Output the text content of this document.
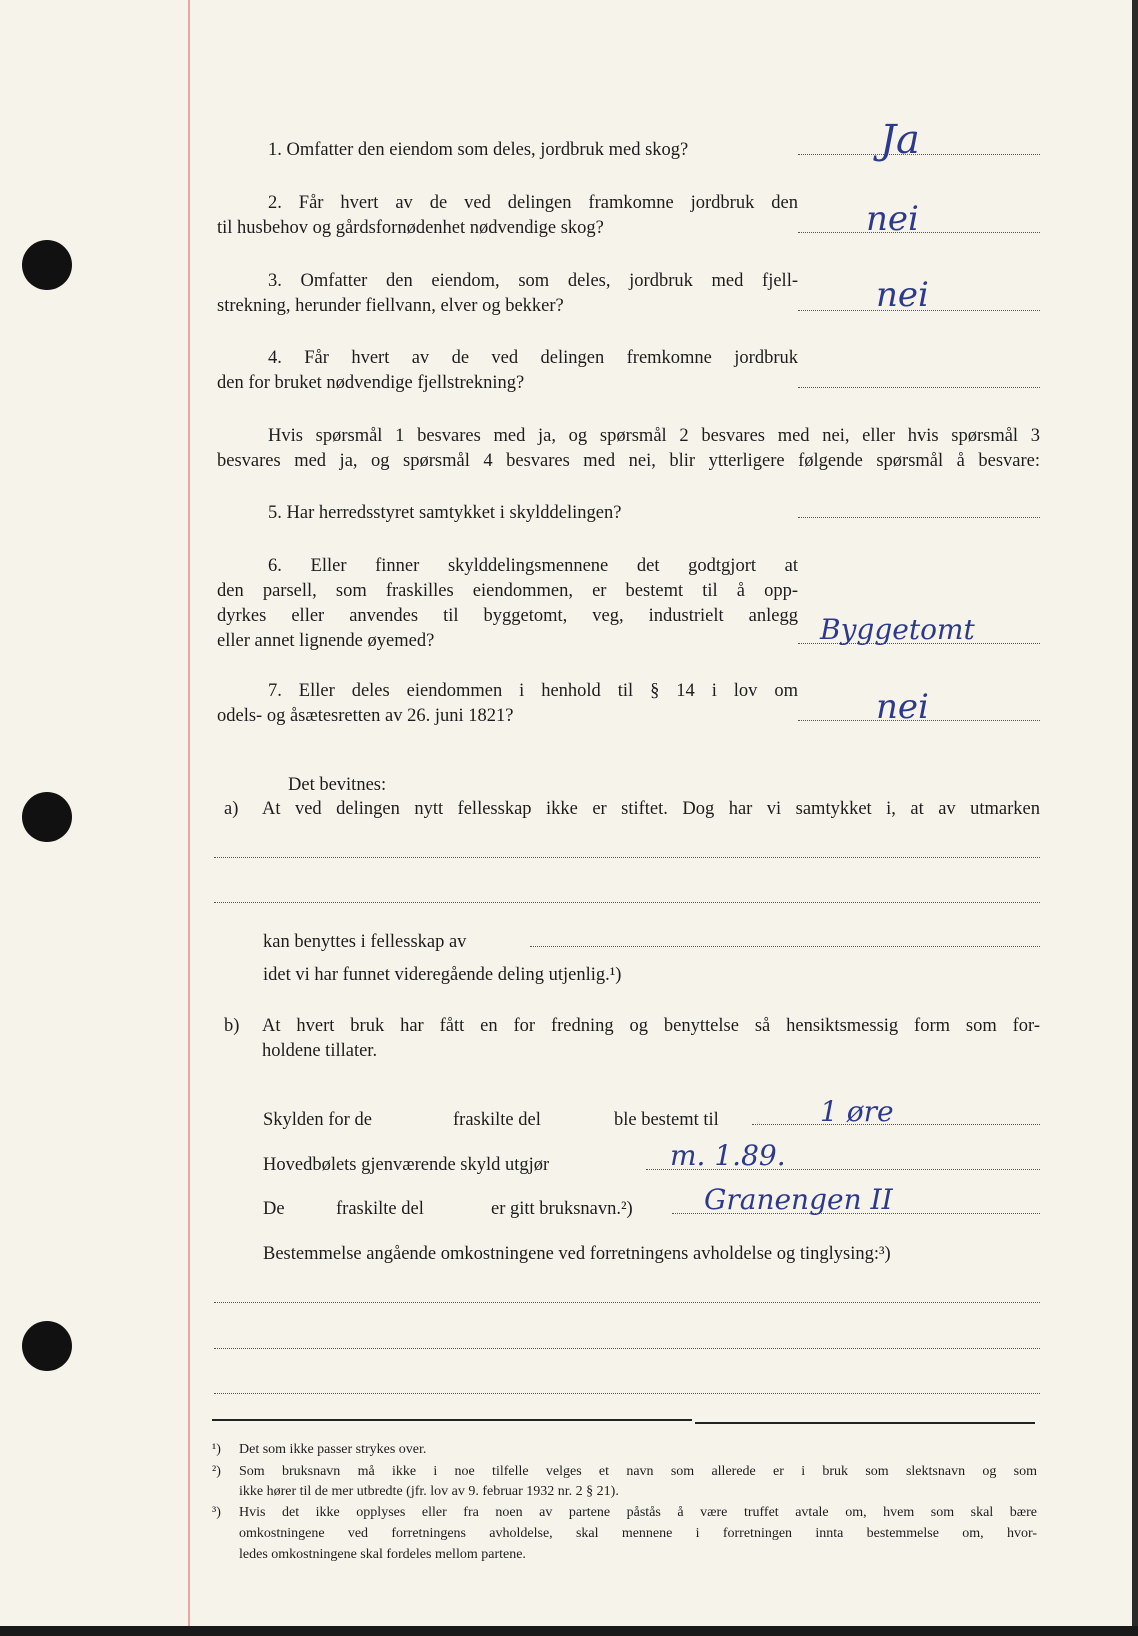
1. Omfatter den eiendom som deles, jordbruk med skog?	Ja
2. Får hvert av de ved delingen framkomne jordbruk den
til husbehov og gårdsfornødenhet nødvendige skog?	nei
3. Omfatter den eiendom, som deles, jordbruk med fjell-
strekning, herunder fiellvann, elver og bekker?	nei
4. Får hvert av de ved delingen fremkomne jordbruk
den for bruket nødvendige fjellstrekning?
Hvis spørsmål 1 besvares med ja, og spørsmål 2 besvares med nei, eller hvis spørsmål 3
besvares med ja, og spørsmål 4 besvares med nei, blir ytterligere følgende spørsmål å besvare:
5. Har herredsstyret samtykket i skylddelingen?
6. Eller finner skylddelingsmennene det godtgjort at
den parsell, som fraskilles eiendommen, er bestemt til å opp-
dyrkes eller anvendes til byggetomt, veg, industrielt anlegg
eller annet lignende øyemed?	Byggetomt
7. Eller deles eiendommen i henhold til § 14 i lov om
odels- og åsætesretten av 26. juni 1821?	nei
Det bevitnes:
a) At ved delingen nytt fellesskap ikke er stiftet. Dog har vi samtykket i, at av utmarken
kan benyttes i fellesskap av
idet vi har funnet videregående deling utjenlig.¹)
b) At hvert bruk har fått en for fredning og benyttelse så hensiktsmessig form som for-
holdene tillater.
Skylden for de	fraskilte del	ble bestemt til	1 øre
Hovedbølets gjenværende skyld utgjør	m. 1.89.
De	fraskilte del	er gitt bruksnavn.²)	Granengen II
Bestemmelse angående omkostningene ved forretningens avholdelse og tinglysing:³)
¹) Det som ikke passer strykes over.
²) Som bruksnavn må ikke i noe tilfelle velges et navn som allerede er i bruk som slektsnavn og som
ikke hører til de mer utbredte (jfr. lov av 9. februar 1932 nr. 2 § 21).
³) Hvis det ikke opplyses eller fra noen av partene påstås å være truffet avtale om, hvem som skal bære
omkostningene ved forretningens avholdelse, skal mennene i forretningen innta bestemmelse om, hvor-
ledes omkostningene skal fordeles mellom partene.
